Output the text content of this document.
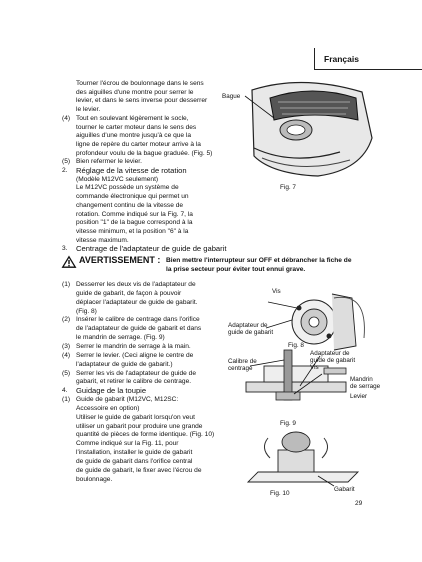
Français
Tourner l'écrou de boulonnage dans le sens
des aiguilles d'une montre pour serrer le
levier, et dans le sens inverse pour desserrer
le levier.
(4) Tout en soulevant légèrement le socle,
tourner le carter moteur dans le sens des
aiguilles d'une montre jusqu'à ce que la
ligne de repère du carter moteur arrive à la
profondeur voulu de la bague graduée. (Fig. 5)
(5) Bien refermer le levier.
2. Réglage de la vitesse de rotation
(Modèle M12VC seulement)
Le M12VC possède un système de
commande électronique qui permet un
changement continu de la vitesse de
rotation. Comme indiqué sur la Fig. 7, la
position "1" de la bague correspond à la
vitesse minimum, et la position "6" à la
vitesse maximum.
3. Centrage de l'adaptateur de guide de gabarit
AVERTISSEMENT : Bien mettre l'interrupteur sur OFF et débrancher la fiche de
la prise secteur pour éviter tout ennui grave.
(1) Desserrer les deux vis de l'adaptateur de
guide de gabarit, de façon à pouvoir
déplacer l'adaptateur de guide de gabarit.
(Fig. 8)
(2) Insérer le calibre de centrage dans l'orifice
de l'adaptateur de guide de gabarit et dans
le mandrin de serrage. (Fig. 9)
(3) Serrer le mandrin de serrage à la main.
(4) Serrer le levier. (Ceci aligne le centre de
l'adaptateur de guide de gabarit.)
(5) Serrer les vis de l'adaptateur de guide de
gabarit, et retirer le calibre de centrage.
4. Guidage de la toupie
(1) Guide de gabarit (M12VC, M12SC:
Accessoire en option)
Utiliser le guide de gabarit lorsqu'on veut
utiliser un gabarit pour produire une grande
quantité de pièces de forme identique. (Fig. 10)
Comme indiqué sur la Fig. 11, pour
l'installation, installer le guide de gabarit
de guide de gabarit dans l'orifice central
de guide de gabarit, le fixer avec l'écrou de
boulonnage.
Bague
Fig. 7
Vis
Adaptateur de
guide de gabarit
Fig. 8
Calibre de
centrage
Adaptateur de
guide de gabarit
Vis
Mandrin
de serrage
Levier
Fig. 9
Gabarit
Fig. 10
29
